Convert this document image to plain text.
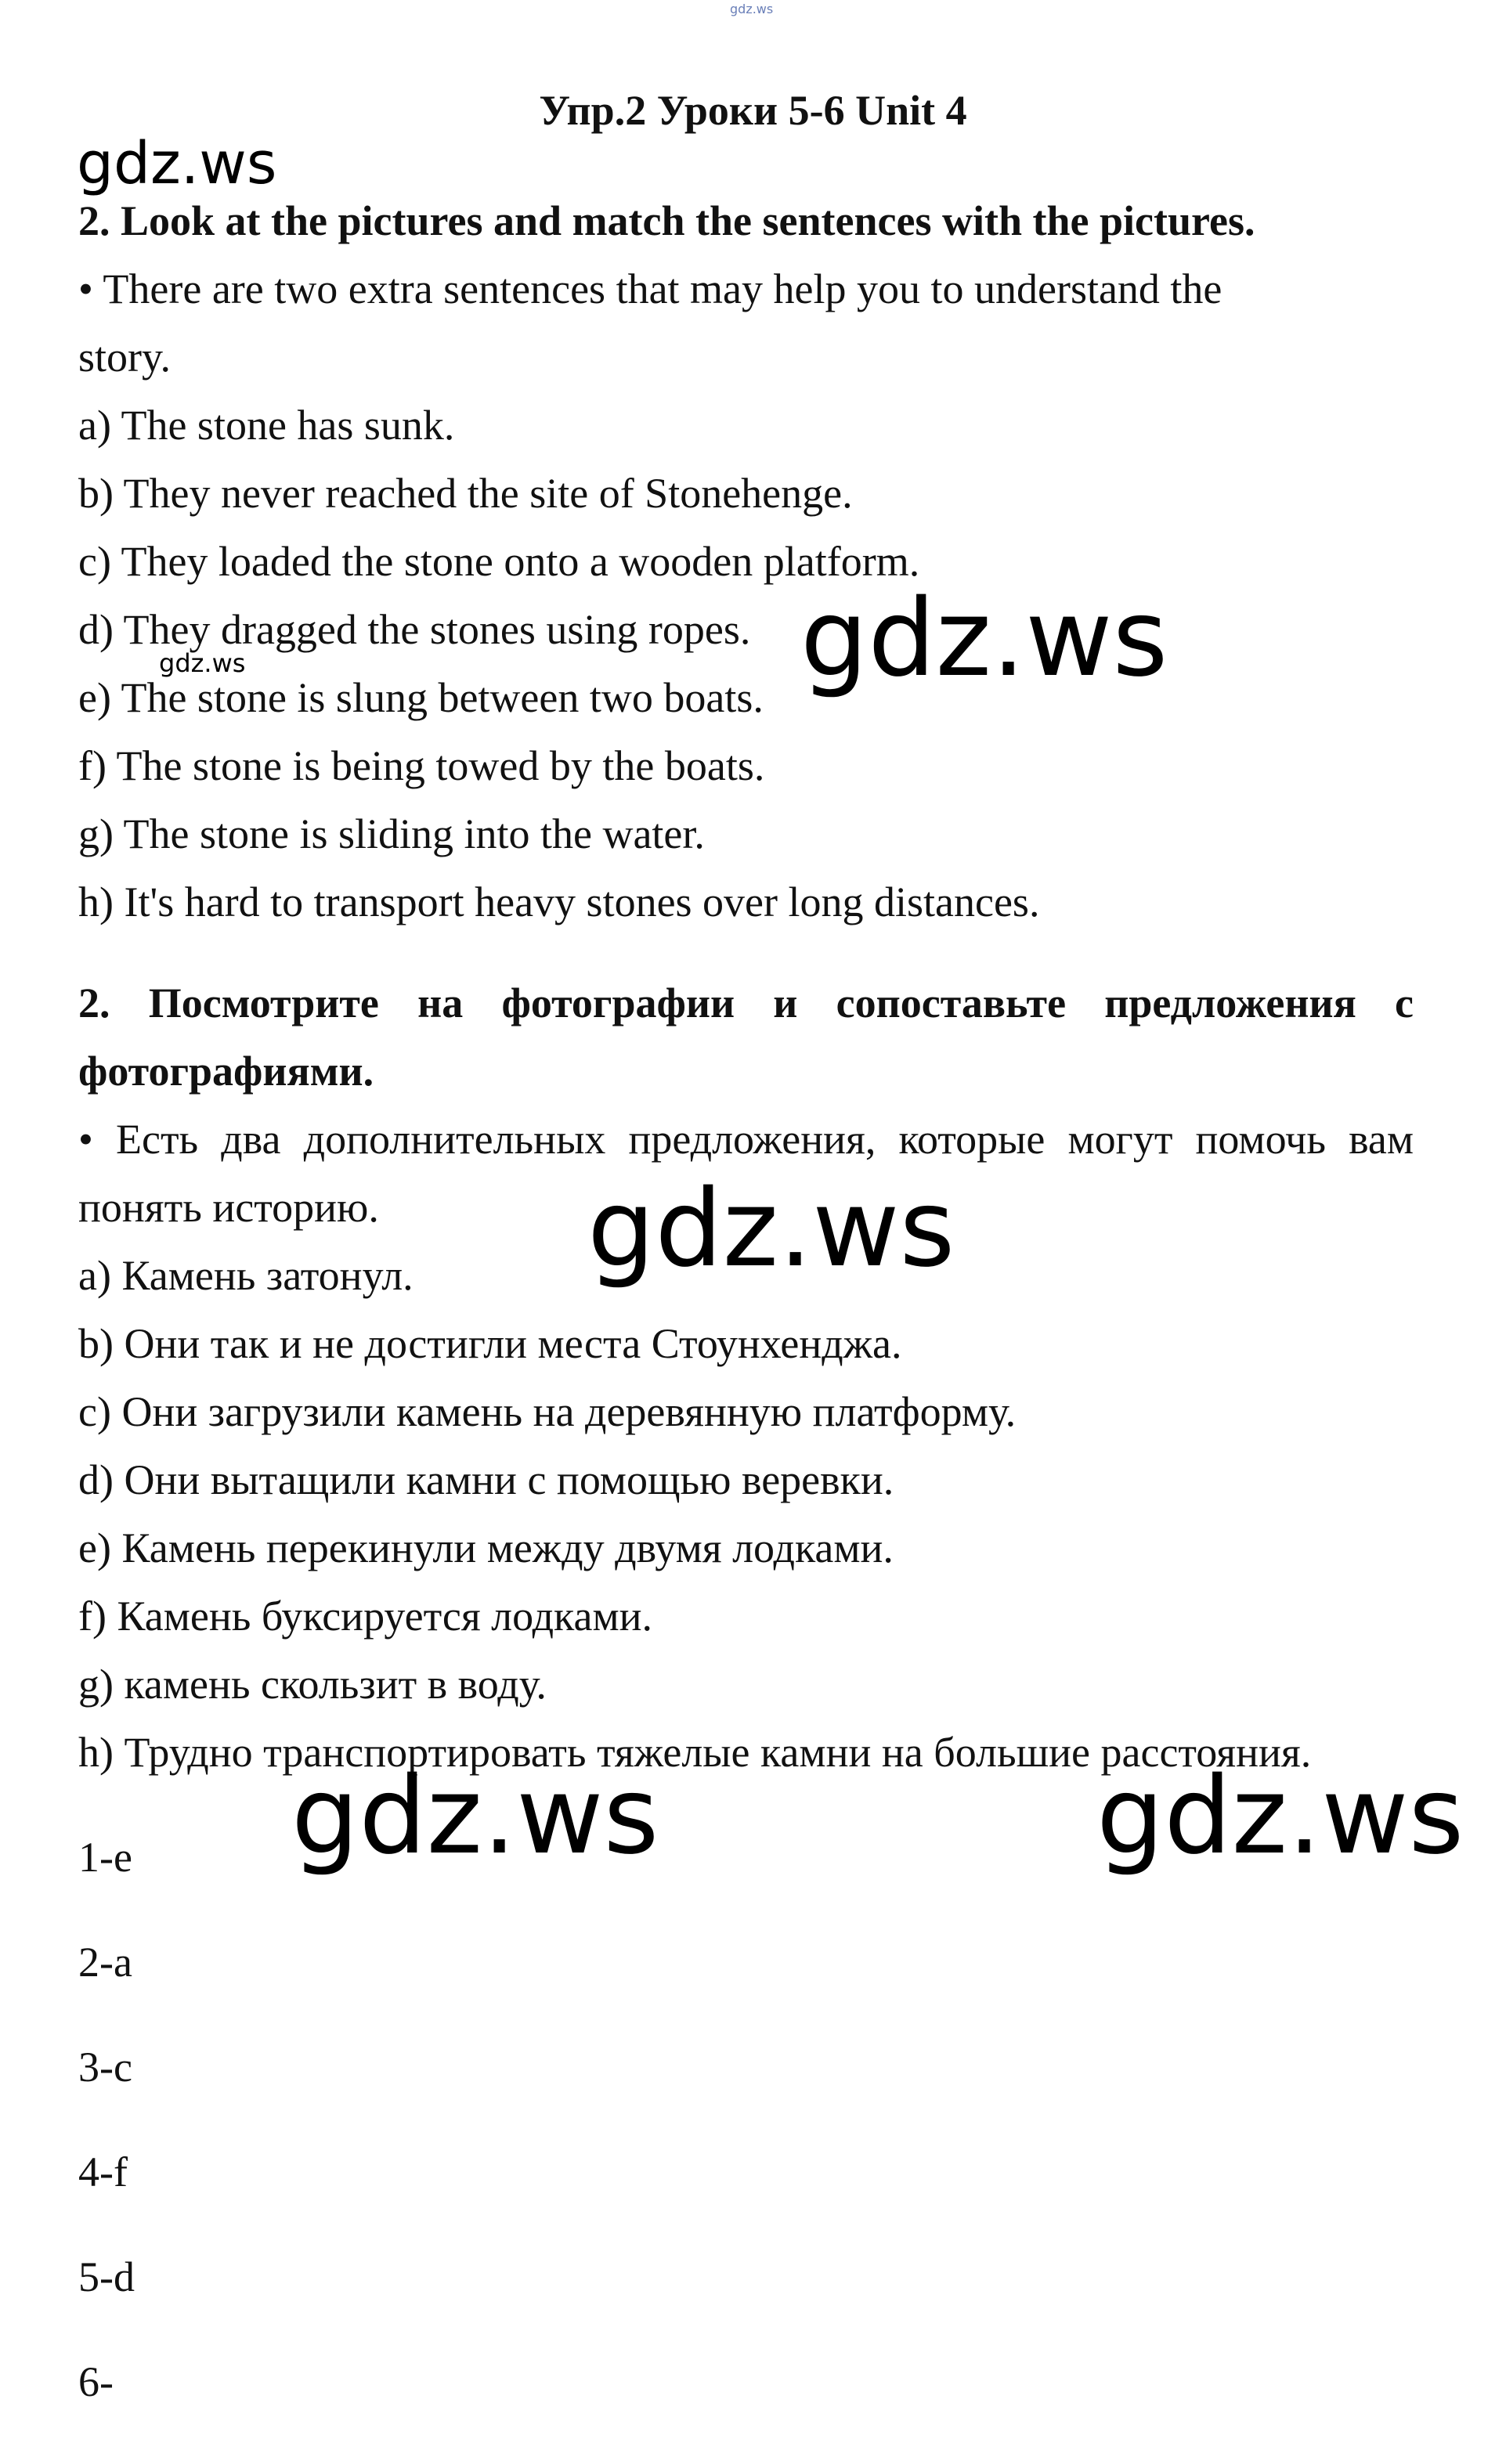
gdz.ws
gdz.ws
Упр.2 Уроки 5-6 Unit 4
2. Look at the pictures and match the sentences with the pictures.
• There are two extra sentences that may help you to understand the
story.
a) The stone has sunk.
b) They never reached the site of Stonehenge.
c) They loaded the stone onto a wooden platform.
d) They dragged the stones using ropes.
e) The stone is slung between two boats.
f) The stone is being towed by the boats.
g) The stone is sliding into the water.
h) It's hard to transport heavy stones over long distances.
gdz.ws
gdz.ws
2. Посмотрите на фотографии и сопоставьте предложения с
фотографиями.
• Есть два дополнительных предложения, которые могут помочь вам
понять историю.
a) Камень затонул.
b) Они так и не достигли места Стоунхенджа.
c) Они загрузили камень на деревянную платформу.
d) Они вытащили камни с помощью веревки.
e) Камень перекинули между двумя лодками.
f) Камень буксируется лодками.
g) камень скользит в воду.
h) Трудно транспортировать тяжелые камни на большие расстояния.
gdz.ws
1-e
2-a
3-c
4-f
5-d
6-
gdz.ws	gdz.ws
